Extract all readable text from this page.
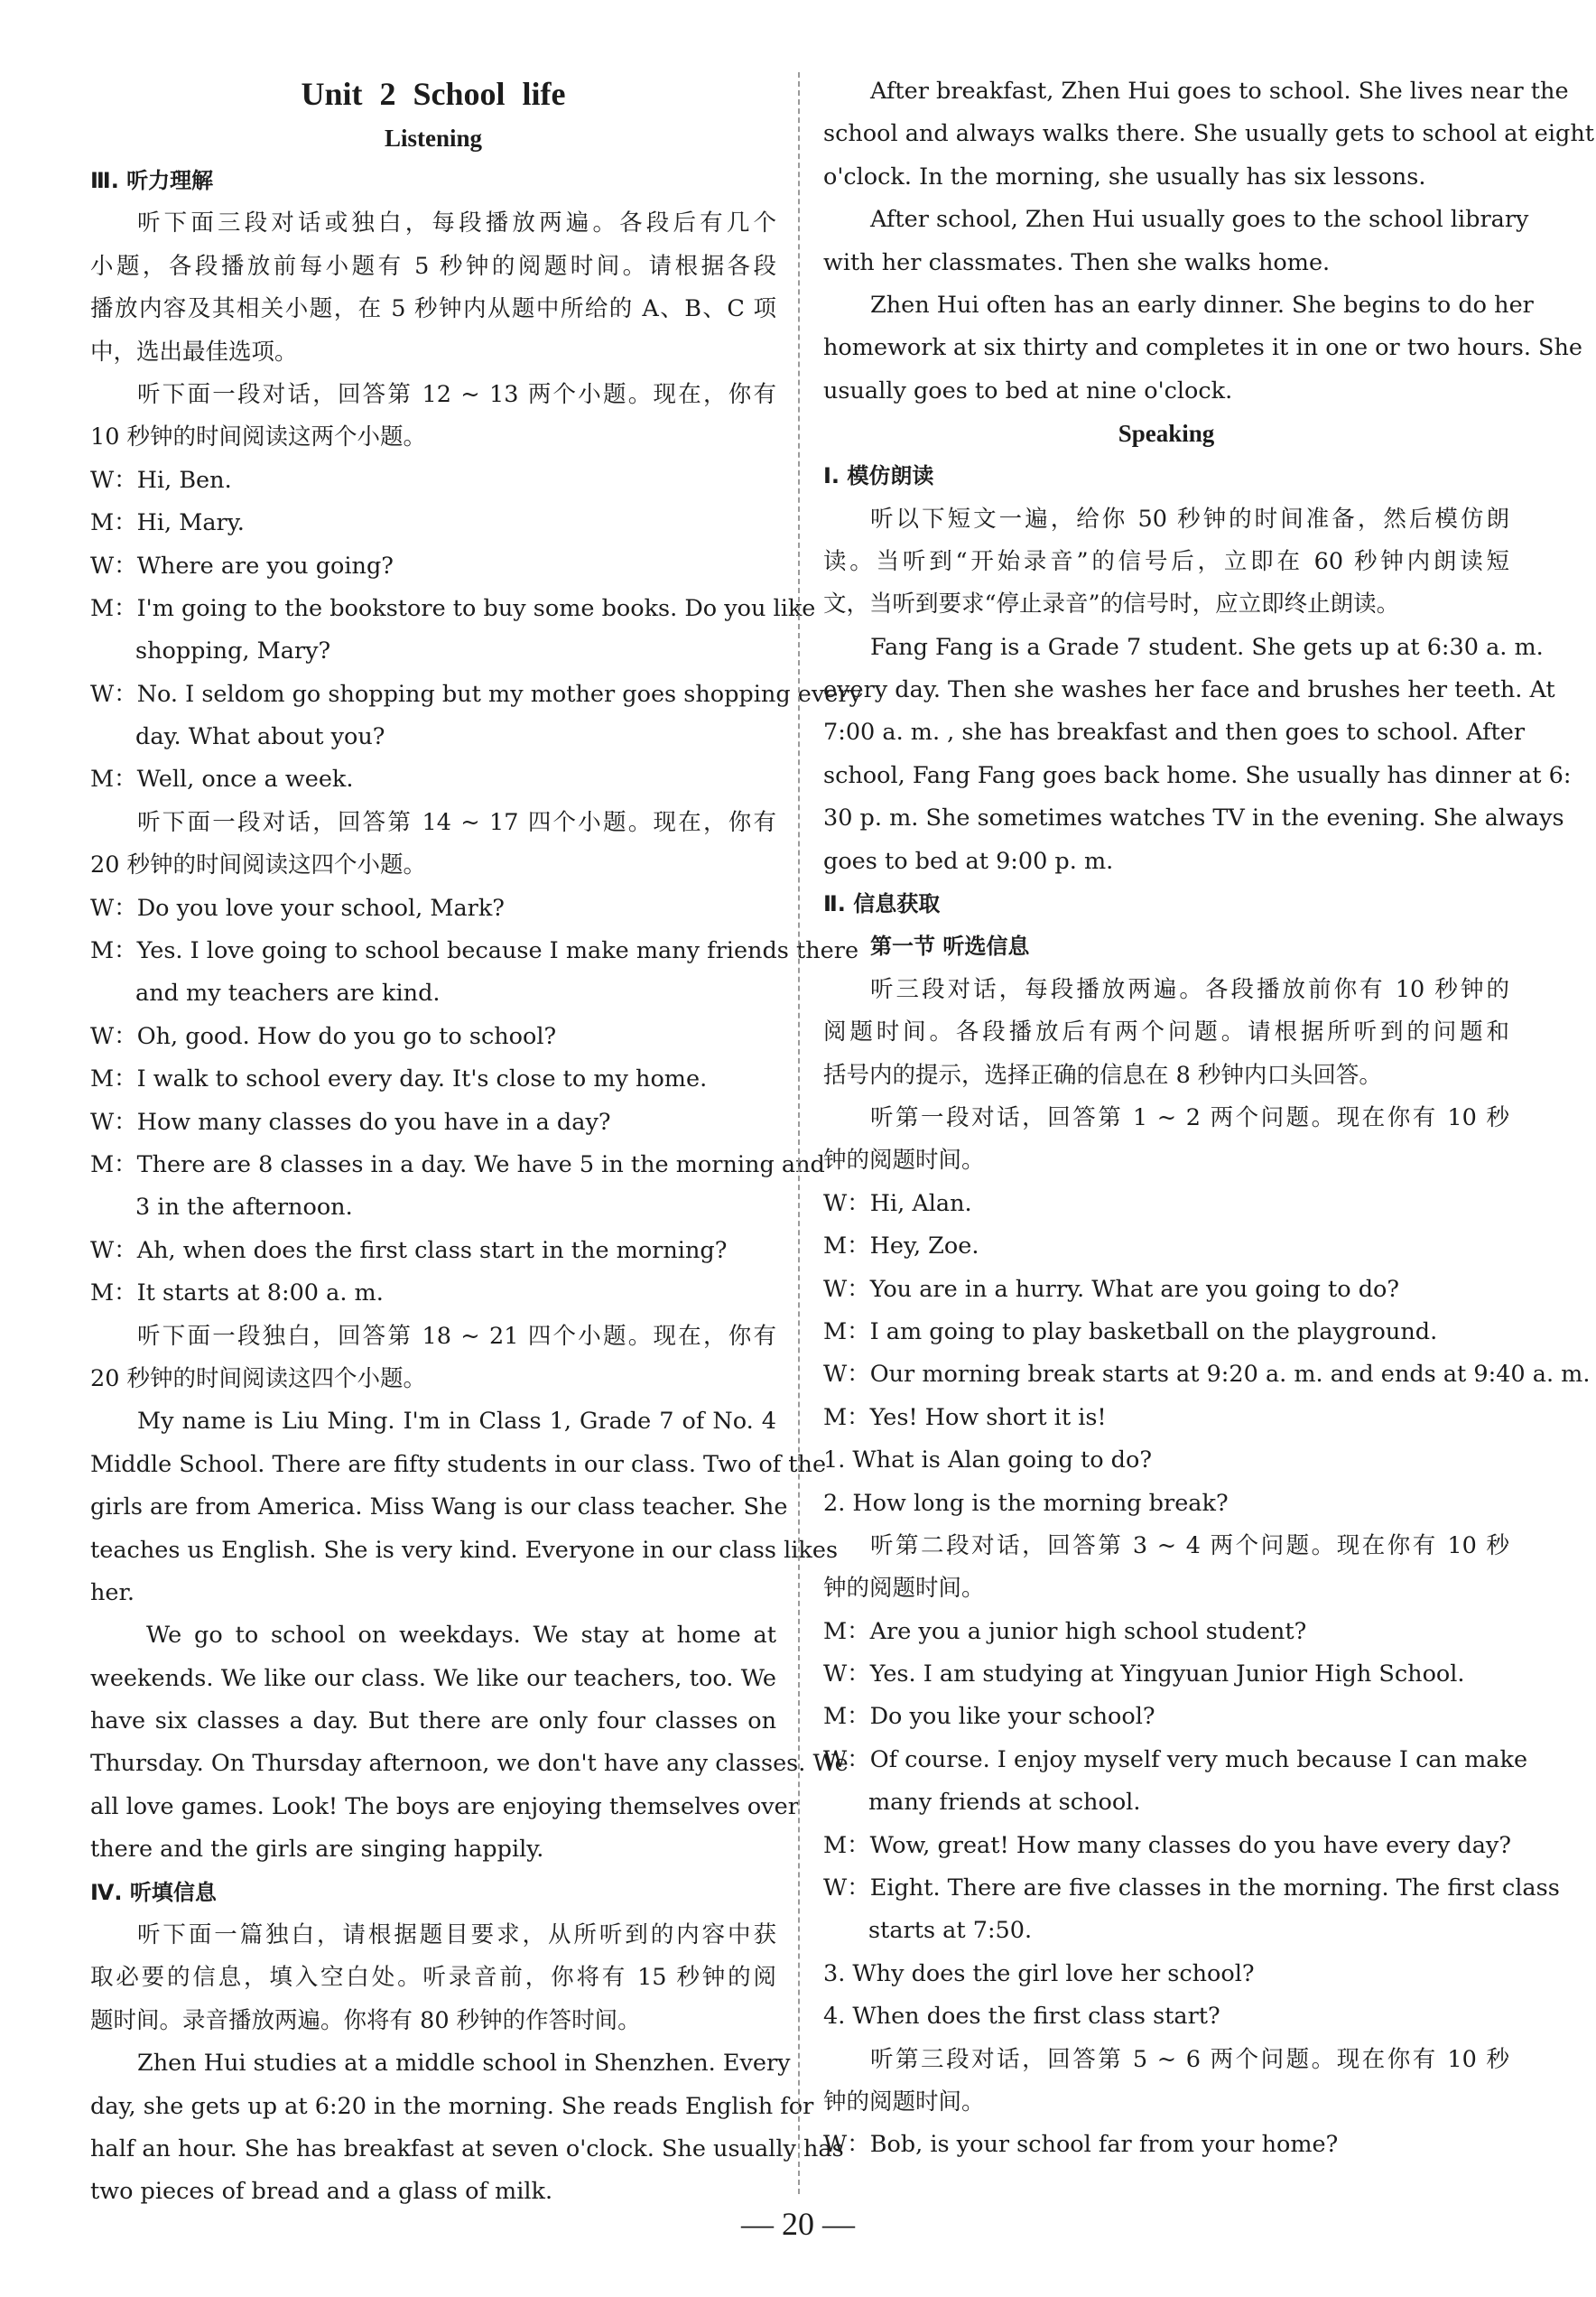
Unit 2 School life
Listening
Ⅲ. 听力理解
听下面三段对话或独白，每段播放两遍。各段后有几个
小题，各段播放前每小题有 5 秒钟的阅题时间。请根据各段
播放内容及其相关小题，在 5 秒钟内从题中所给的 A、B、C 项
中，选出最佳选项。
听下面一段对话，回答第 12 ~ 13 两个小题。现在，你有
10 秒钟的时间阅读这两个小题。
W：Hi, Ben.
M：Hi, Mary.
W：Where are you going?
M：I'm going to the bookstore to buy some books. Do you like
shopping, Mary?
W：No. I seldom go shopping but my mother goes shopping every
day. What about you?
M：Well, once a week.
听下面一段对话，回答第 14 ~ 17 四个小题。现在，你有
20 秒钟的时间阅读这四个小题。
W：Do you love your school, Mark?
M：Yes. I love going to school because I make many friends there
and my teachers are kind.
W：Oh, good. How do you go to school?
M：I walk to school every day. It's close to my home.
W：How many classes do you have in a day?
M：There are 8 classes in a day. We have 5 in the morning and
3 in the afternoon.
W：Ah, when does the first class start in the morning?
M：It starts at 8:00 a. m.
听下面一段独白，回答第 18 ~ 21 四个小题。现在，你有
20 秒钟的时间阅读这四个小题。
My name is Liu Ming. I'm in Class 1, Grade 7 of No. 4
Middle School. There are fifty students in our class. Two of the
girls are from America. Miss Wang is our class teacher. She
teaches us English. She is very kind. Everyone in our class likes
her.
We go to school on weekdays. We stay at home at
weekends. We like our class. We like our teachers, too. We
have six classes a day. But there are only four classes on
Thursday. On Thursday afternoon, we don't have any classes. We
all love games. Look! The boys are enjoying themselves over
there and the girls are singing happily.
Ⅳ. 听填信息
听下面一篇独白，请根据题目要求，从所听到的内容中获
取必要的信息，填入空白处。听录音前，你将有 15 秒钟的阅
题时间。录音播放两遍。你将有 80 秒钟的作答时间。
Zhen Hui studies at a middle school in Shenzhen. Every
day, she gets up at 6:20 in the morning. She reads English for
half an hour. She has breakfast at seven o'clock. She usually has
two pieces of bread and a glass of milk.
After breakfast, Zhen Hui goes to school. She lives near the
school and always walks there. She usually gets to school at eight
o'clock. In the morning, she usually has six lessons.
After school, Zhen Hui usually goes to the school library
with her classmates. Then she walks home.
Zhen Hui often has an early dinner. She begins to do her
homework at six thirty and completes it in one or two hours. She
usually goes to bed at nine o'clock.
Speaking
Ⅰ. 模仿朗读
听以下短文一遍，给你 50 秒钟的时间准备，然后模仿朗
读。当听到“开始录音”的信号后，立即在 60 秒钟内朗读短
文，当听到要求“停止录音”的信号时，应立即终止朗读。
Fang Fang is a Grade 7 student. She gets up at 6:30 a. m.
every day. Then she washes her face and brushes her teeth. At
7:00 a. m. , she has breakfast and then goes to school. After
school, Fang Fang goes back home. She usually has dinner at 6:
30 p. m. She sometimes watches TV in the evening. She always
goes to bed at 9:00 p. m.
Ⅱ. 信息获取
第一节 听选信息
听三段对话，每段播放两遍。各段播放前你有 10 秒钟的
阅题时间。各段播放后有两个问题。请根据所听到的问题和
括号内的提示，选择正确的信息在 8 秒钟内口头回答。
听第一段对话，回答第 1 ~ 2 两个问题。现在你有 10 秒
钟的阅题时间。
W：Hi, Alan.
M：Hey, Zoe.
W：You are in a hurry. What are you going to do?
M：I am going to play basketball on the playground.
W：Our morning break starts at 9:20 a. m. and ends at 9:40 a. m.
M：Yes! How short it is!
1. What is Alan going to do?
2. How long is the morning break?
听第二段对话，回答第 3 ~ 4 两个问题。现在你有 10 秒
钟的阅题时间。
M：Are you a junior high school student?
W：Yes. I am studying at Yingyuan Junior High School.
M：Do you like your school?
W：Of course. I enjoy myself very much because I can make
many friends at school.
M：Wow, great! How many classes do you have every day?
W：Eight. There are five classes in the morning. The first class
starts at 7:50.
3. Why does the girl love her school?
4. When does the first class start?
听第三段对话，回答第 5 ~ 6 两个问题。现在你有 10 秒
钟的阅题时间。
W：Bob, is your school far from your home?
— 20 —
